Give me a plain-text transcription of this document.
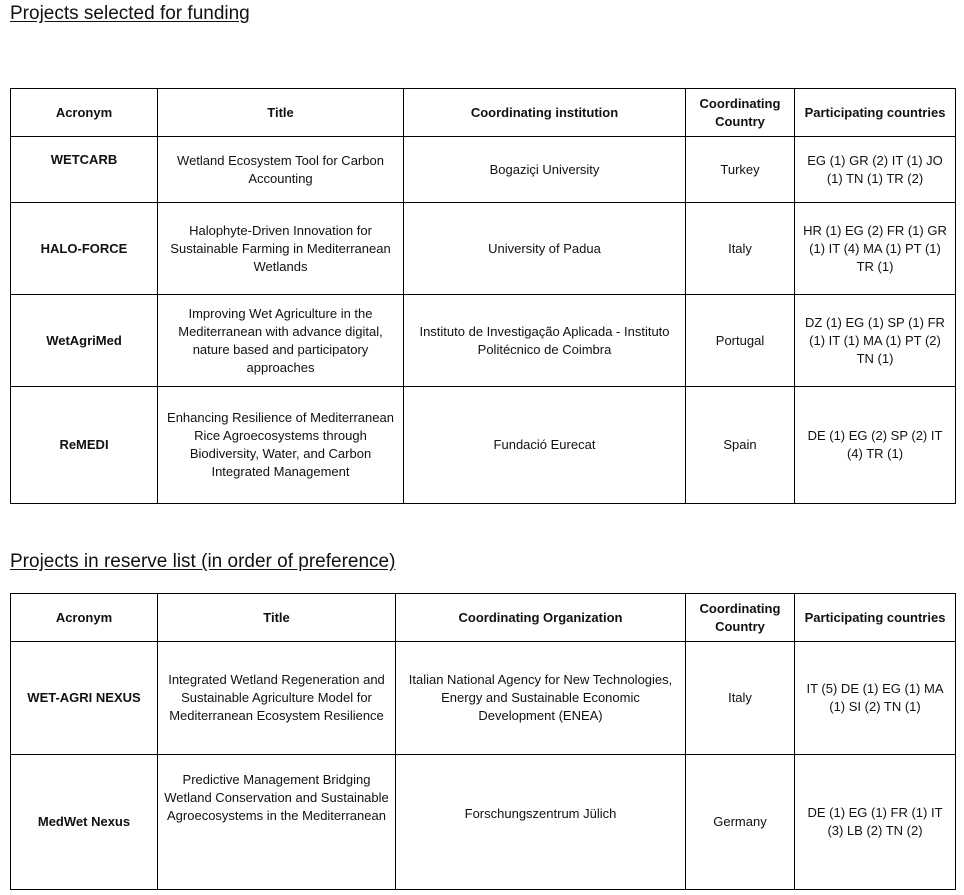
Projects selected for funding
Acronym	Title	Coordinating institution	Coordinating Country	Participating countries
WETCARB	Wetland Ecosystem Tool for Carbon Accounting	Bogaziçi University	Turkey	EG (1) GR (2) IT (1) JO (1) TN (1) TR (2)
HALO-FORCE	Halophyte-Driven Innovation for Sustainable Farming in Mediterranean Wetlands	University of Padua	Italy	HR (1) EG (2) FR (1) GR (1) IT (4) MA (1) PT (1) TR (1)
WetAgriMed	Improving Wet Agriculture in the Mediterranean with advance digital, nature based and participatory approaches	Instituto de Investigação Aplicada - Instituto Politécnico de Coimbra	Portugal	DZ (1) EG (1) SP (1) FR (1) IT (1) MA (1) PT (2) TN (1)
ReMEDI	Enhancing Resilience of Mediterranean Rice Agroecosystems through Biodiversity, Water, and Carbon Integrated Management	Fundació Eurecat	Spain	DE (1) EG (2) SP (2) IT (4) TR (1)
Projects in reserve list (in order of preference)
Acronym	Title	Coordinating Organization	Coordinating Country	Participating countries
WET-AGRI NEXUS	Integrated Wetland Regeneration and Sustainable Agriculture Model for Mediterranean Ecosystem Resilience	Italian National Agency for New Technologies, Energy and Sustainable Economic Development (ENEA)	Italy	IT (5) DE (1) EG (1) MA (1) SI (2) TN (1)
MedWet Nexus	Predictive Management Bridging Wetland Conservation and Sustainable Agroecosystems in the Mediterranean	Forschungszentrum Jülich	Germany	DE (1) EG (1) FR (1) IT (3) LB (2) TN (2)
